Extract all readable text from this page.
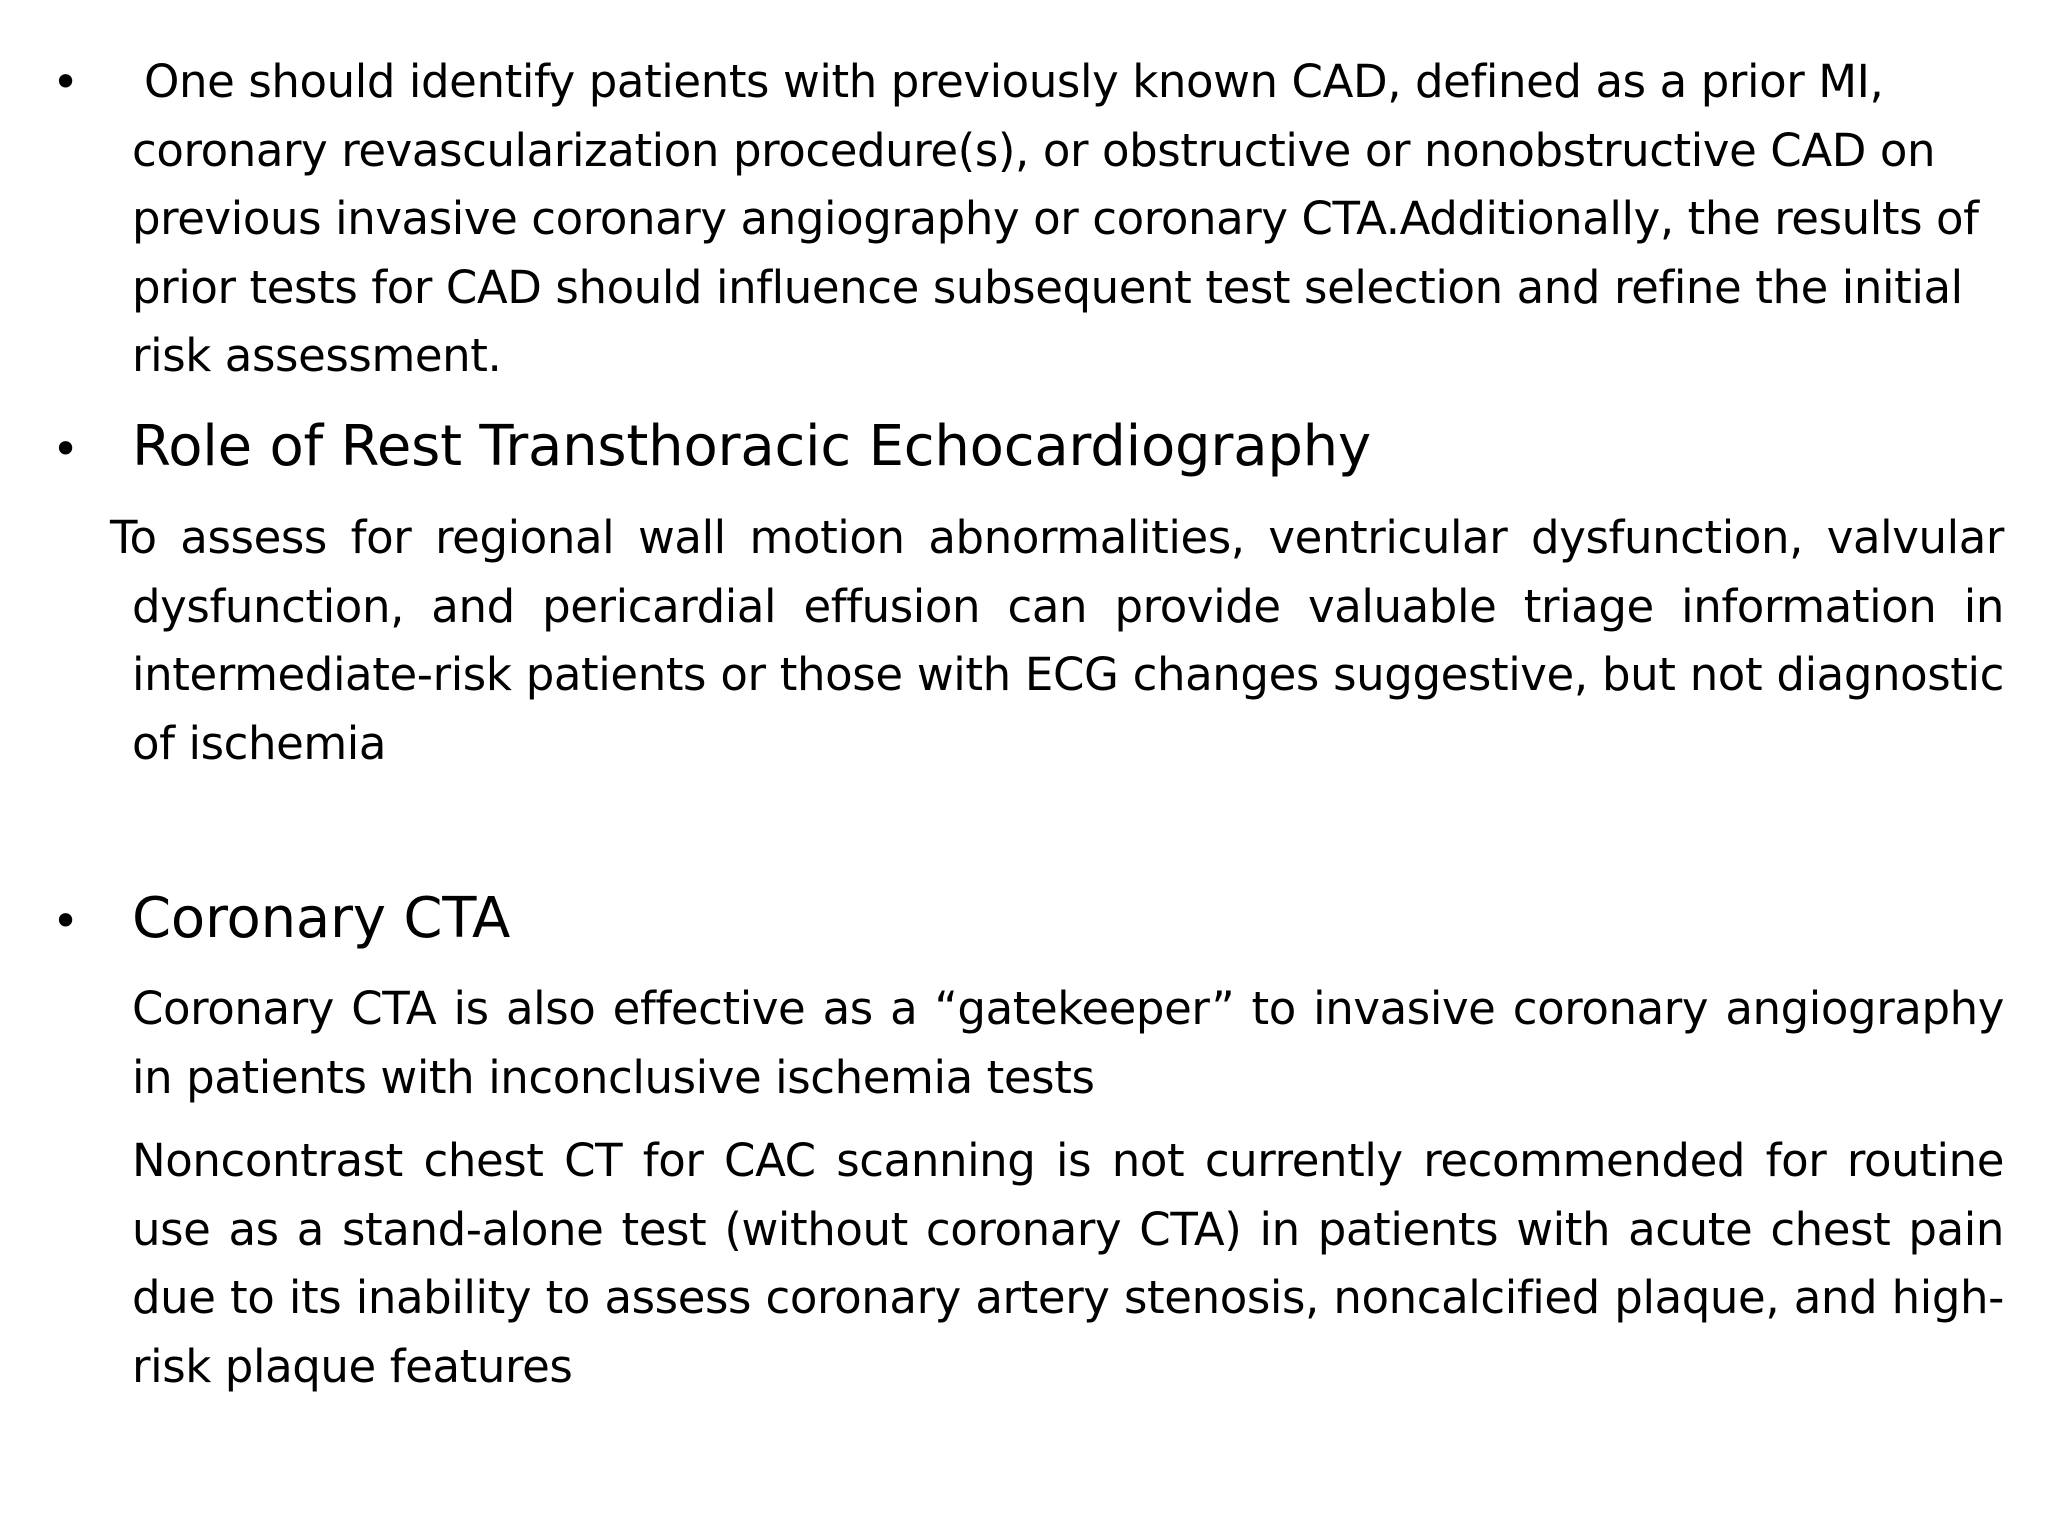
• One should identify patients with previously known CAD, defined as a prior MI, coronary revascularization procedure(s), or obstructive or nonobstructive CAD on previous invasive coronary angiography or coronary CTA.Additionally, the results of prior tests for CAD should influence subsequent test selection and refine the initial risk assessment.
• Role of Rest Transthoracic Echocardiography
To assess for regional wall motion abnormalities, ventricular dysfunction, valvular dysfunction, and pericardial effusion can provide valuable triage information in intermediate-risk patients or those with ECG changes suggestive, but not diagnostic of ischemia
• Coronary CTA
Coronary CTA is also effective as a “gatekeeper” to invasive coronary angiography in patients with inconclusive ischemia tests
Noncontrast chest CT for CAC scanning is not currently recommended for routine use as a stand-alone test (without coronary CTA) in patients with acute chest pain due to its inability to assess coronary artery stenosis, noncalcified plaque, and high-risk plaque features
